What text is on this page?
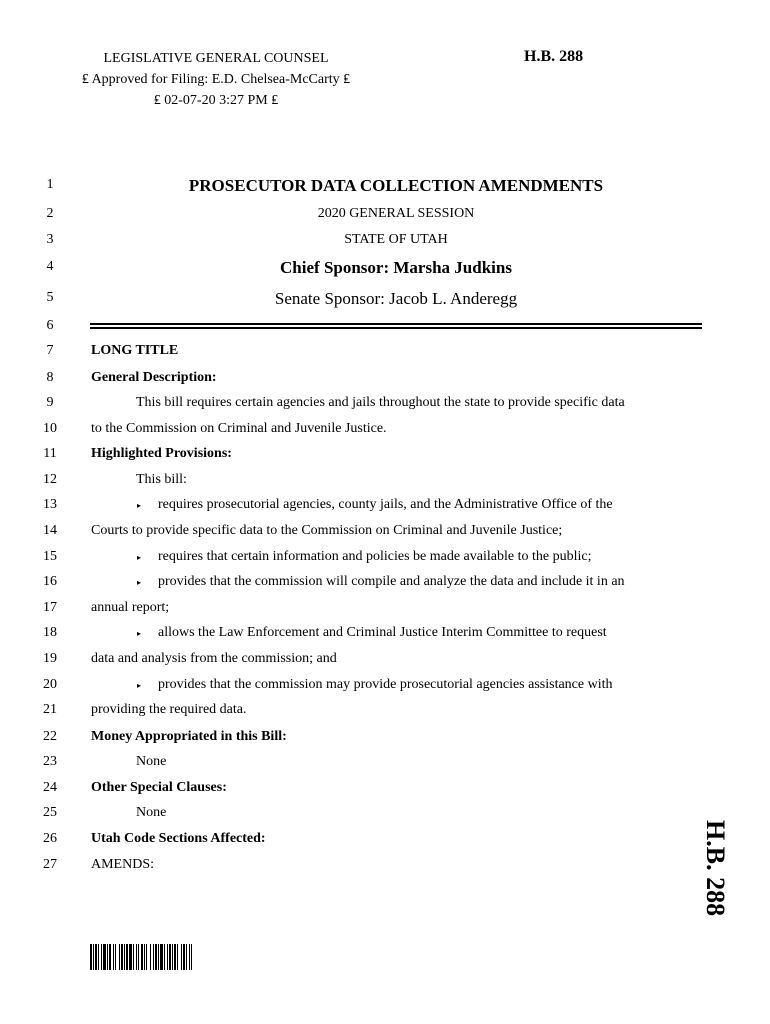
LEGISLATIVE GENERAL COUNSEL
₤ Approved for Filing: E.D. Chelsea-McCarty ₤
₤ 02-07-20 3:27 PM ₤
H.B. 288
1
2
3
4
5
6
7
8
9
10
11
12
13
14
15
16
17
18
19
20
21
22
23
24
25
26
27
PROSECUTOR DATA COLLECTION AMENDMENTS
2020 GENERAL SESSION
STATE OF UTAH
Chief Sponsor: Marsha Judkins
Senate Sponsor: Jacob L. Anderegg
LONG TITLE
General Description:
This bill requires certain agencies and jails throughout the state to provide specific data
to the Commission on Criminal and Juvenile Justice.
Highlighted Provisions:
This bill:
▸ requires prosecutorial agencies, county jails, and the Administrative Office of the
Courts to provide specific data to the Commission on Criminal and Juvenile Justice;
▸ requires that certain information and policies be made available to the public;
▸ provides that the commission will compile and analyze the data and include it in an
annual report;
▸ allows the Law Enforcement and Criminal Justice Interim Committee to request
data and analysis from the commission; and
▸ provides that the commission may provide prosecutorial agencies assistance with
providing the required data.
Money Appropriated in this Bill:
None
Other Special Clauses:
None
Utah Code Sections Affected:
AMENDS:	H.B. 288
